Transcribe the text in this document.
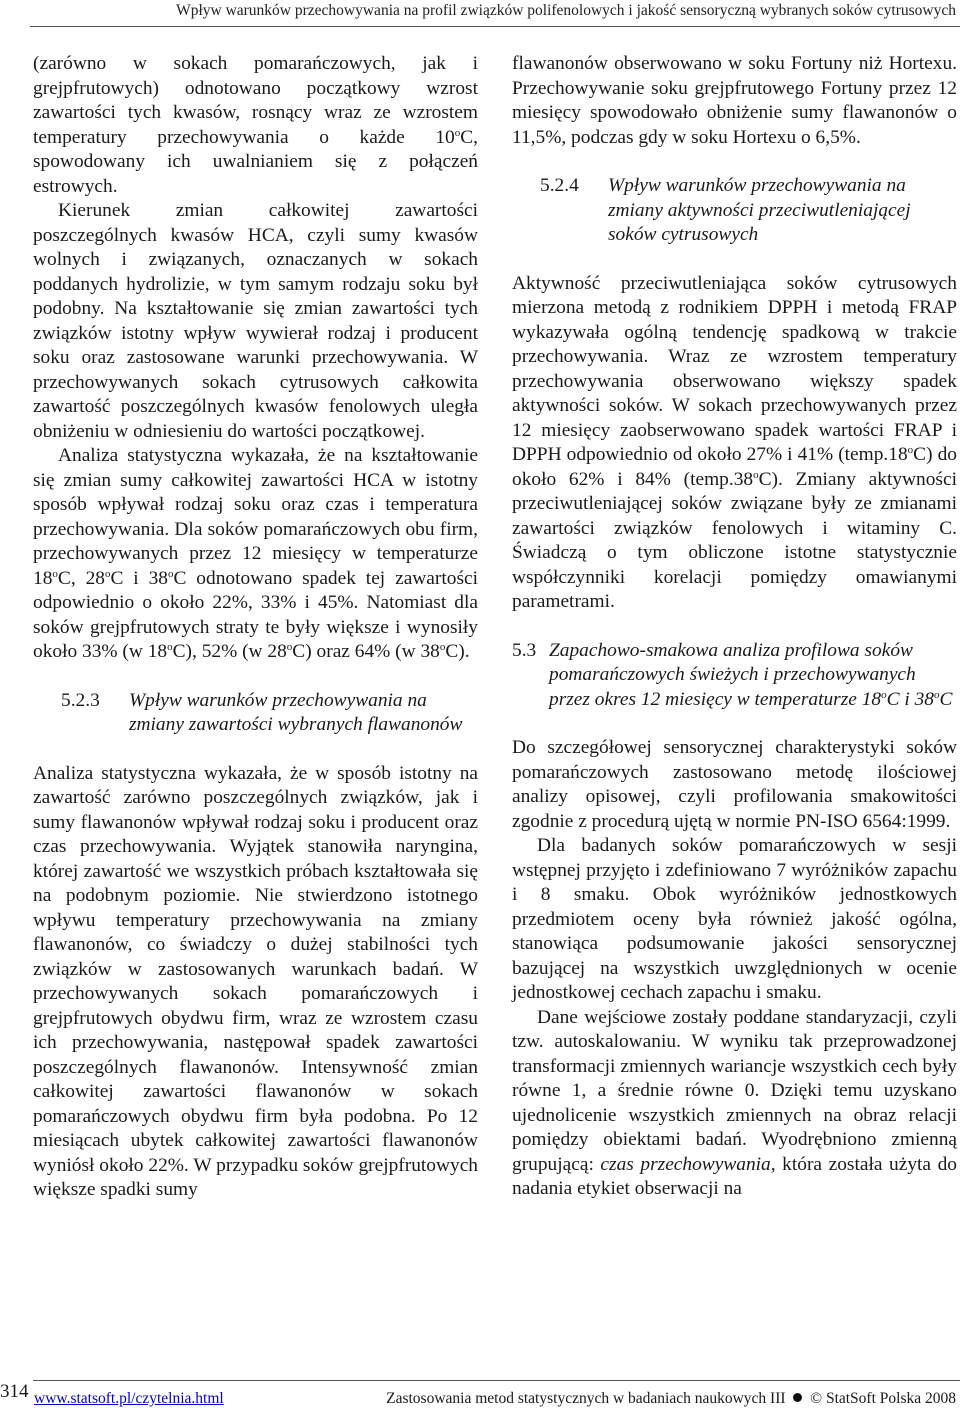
Wpływ warunków przechowywania na profil związków polifenolowych i jakość sensoryczną wybranych soków cytrusowych

(zarówno w sokach pomarańczowych, jak i grejpfrutowych) odnotowano początkowy wzrost zawartości tych kwasów, rosnący wraz ze wzrostem temperatury przechowywania o każde 10$^o$C, spowodowany ich uwalnianiem się z połączeń estrowych.

Kierunek zmian całkowitej zawartości poszczególnych kwasów HCA, czyli sumy kwasów wolnych i związanych, oznaczanych w sokach poddanych hydrolizie, w tym samym rodzaju soku był podobny. Na kształtowanie się zmian zawartości tych związków istotny wpływ wywierał rodzaj i producent soku oraz zastosowane warunki przechowywania. W przechowywanych sokach cytrusowych całkowita zawartość poszczególnych kwasów fenolowych uległa obniżeniu w odniesieniu do wartości początkowej.

Analiza statystyczna wykazała, że na kształtowanie się zmian sumy całkowitej zawartości HCA w istotny sposób wpływał rodzaj soku oraz czas i temperatura przechowywania. Dla soków pomarańczowych obu firm, przechowywanych przez 12 miesięcy w temperaturze 18$^o$C, 28$^o$C i 38$^o$C odnotowano spadek tej zawartości odpowiednio o około 22%, 33% i 45%. Natomiast dla soków grejpfrutowych straty te były większe i wynosiły około 33% (w 18$^o$C), 52% (w 28$^o$C) oraz 64% (w 38$^o$C).

5.2.3	Wpływ warunków przechowywania na zmiany zawartości wybranych flawanonów

Analiza statystyczna wykazała, że w sposób istotny na zawartość zarówno poszczególnych związków, jak i sumy flawanonów wpływał rodzaj soku i producent oraz czas przechowywania. Wyjątek stanowiła naryngina, której zawartość we wszystkich próbach kształtowała się na podobnym poziomie. Nie stwierdzono istotnego wpływu temperatury przechowywania na zmiany flawanonów, co świadczy o dużej stabilności tych związków w zastosowanych warunkach badań. W przechowywanych sokach pomarańczowych i grejpfrutowych obydwu firm, wraz ze wzrostem czasu ich przechowywania, następował spadek zawartości poszczególnych flawanonów. Intensywność zmian całkowitej zawartości flawanonów w sokach pomarańczowych obydwu firm była podobna. Po 12 miesiącach ubytek całkowitej zawartości flawanonów wyniósł około 22%. W przypadku soków grejpfrutowych większe spadki sumy

flawanonów obserwowano w soku Fortuny niż Hortexu. Przechowywanie soku grejpfrutowego Fortuny przez 12 miesięcy spowodowało obniżenie sumy flawanonów o 11,5%, podczas gdy w soku Hortexu o 6,5%.

5.2.4	Wpływ warunków przechowywania na zmiany aktywności przeciwutleniającej soków cytrusowych

Aktywność przeciwutleniająca soków cytrusowych mierzona metodą z rodnikiem DPPH i metodą FRAP wykazywała ogólną tendencję spadkową w trakcie przechowywania. Wraz ze wzrostem temperatury przechowywania obserwowano większy spadek aktywności soków. W sokach przechowywanych przez 12 miesięcy zaobserwowano spadek wartości FRAP i DPPH odpowiednio od około 27% i 41% (temp.18$^o$C) do około 62% i 84% (temp.38$^o$C). Zmiany aktywności przeciwutleniającej soków związane były ze zmianami zawartości związków fenolowych i witaminy C. Świadczą o tym obliczone istotne statystycznie współczynniki korelacji pomiędzy omawianymi parametrami.

5.3 Zapachowo-smakowa analiza profilowa soków pomarańczowych świeżych i przechowywanych przez okres 12 miesięcy w temperaturze 18$^o$C i 38$^o$C

Do szczegółowej sensorycznej charakterystyki soków pomarańczowych zastosowano metodę ilościowej analizy opisowej, czyli profilowania smakowitości zgodnie z procedurą ujętą w normie PN-ISO 6564:1999.

Dla badanych soków pomarańczowych w sesji wstępnej przyjęto i zdefiniowano 7 wyróżników zapachu i 8 smaku. Obok wyróżników jednostkowych przedmiotem oceny była również jakość ogólna, stanowiąca podsumowanie jakości sensorycznej bazującej na wszystkich uwzględnionych w ocenie jednostkowej cechach zapachu i smaku.

Dane wejściowe zostały poddane standaryzacji, czyli tzw. autoskalowaniu. W wyniku tak przeprowadzonej transformacji zmiennych wariancje wszystkich cech były równe 1, a średnie równe 0. Dzięki temu uzyskano ujednolicenie wszystkich zmiennych na obraz relacji pomiędzy obiektami badań. Wyodrębniono zmienną grupującą: czas przechowywania, która została użyta do nadania etykiet obserwacji na

314 www.statsoft.pl/czytelnia.html	Zastosowania metod statystycznych w badaniach naukowych III © StatSoft Polska 2008
